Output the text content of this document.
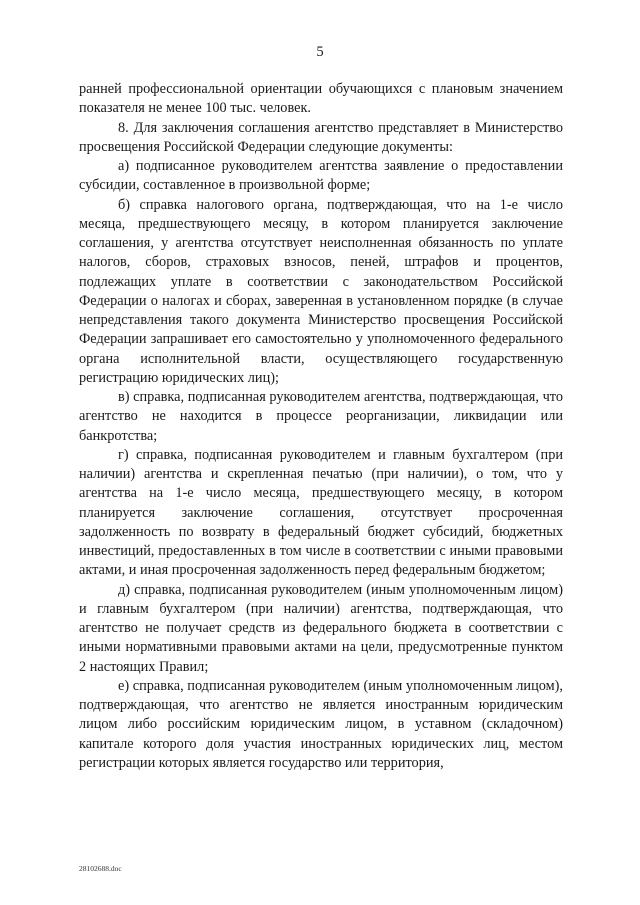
5

ранней профессиональной ориентации обучающихся с плановым значением показателя не менее 100 тыс. человек.

8. Для заключения соглашения агентство представляет в Министерство просвещения Российской Федерации следующие документы:

а) подписанное руководителем агентства заявление о предоставлении субсидии, составленное в произвольной форме;

б) справка налогового органа, подтверждающая, что на 1-е число месяца, предшествующего месяцу, в котором планируется заключение соглашения, у агентства отсутствует неисполненная обязанность по уплате налогов, сборов, страховых взносов, пеней, штрафов и процентов, подлежащих уплате в соответствии с законодательством Российской Федерации о налогах и сборах, заверенная в установленном порядке (в случае непредставления такого документа Министерство просвещения Российской Федерации запрашивает его самостоятельно у уполномоченного федерального органа исполнительной власти, осуществляющего государственную регистрацию юридических лиц);

в) справка, подписанная руководителем агентства, подтверждающая, что агентство не находится в процессе реорганизации, ликвидации или банкротства;

г) справка, подписанная руководителем и главным бухгалтером (при наличии) агентства и скрепленная печатью (при наличии), о том, что у агентства на 1-е число месяца, предшествующего месяцу, в котором планируется заключение соглашения, отсутствует просроченная задолженность по возврату в федеральный бюджет субсидий, бюджетных инвестиций, предоставленных в том числе в соответствии с иными правовыми актами, и иная просроченная задолженность перед федеральным бюджетом;

д) справка, подписанная руководителем (иным уполномоченным лицом) и главным бухгалтером (при наличии) агентства, подтверждающая, что агентство не получает средств из федерального бюджета в соответствии с иными нормативными правовыми актами на цели, предусмотренные пунктом 2 настоящих Правил;

е) справка, подписанная руководителем (иным уполномоченным лицом), подтверждающая, что агентство не является иностранным юридическим лицом либо российским юридическим лицом, в уставном (складочном) капитале которого доля участия иностранных юридических лиц, местом регистрации которых является государство или территория,

28102688.doc
